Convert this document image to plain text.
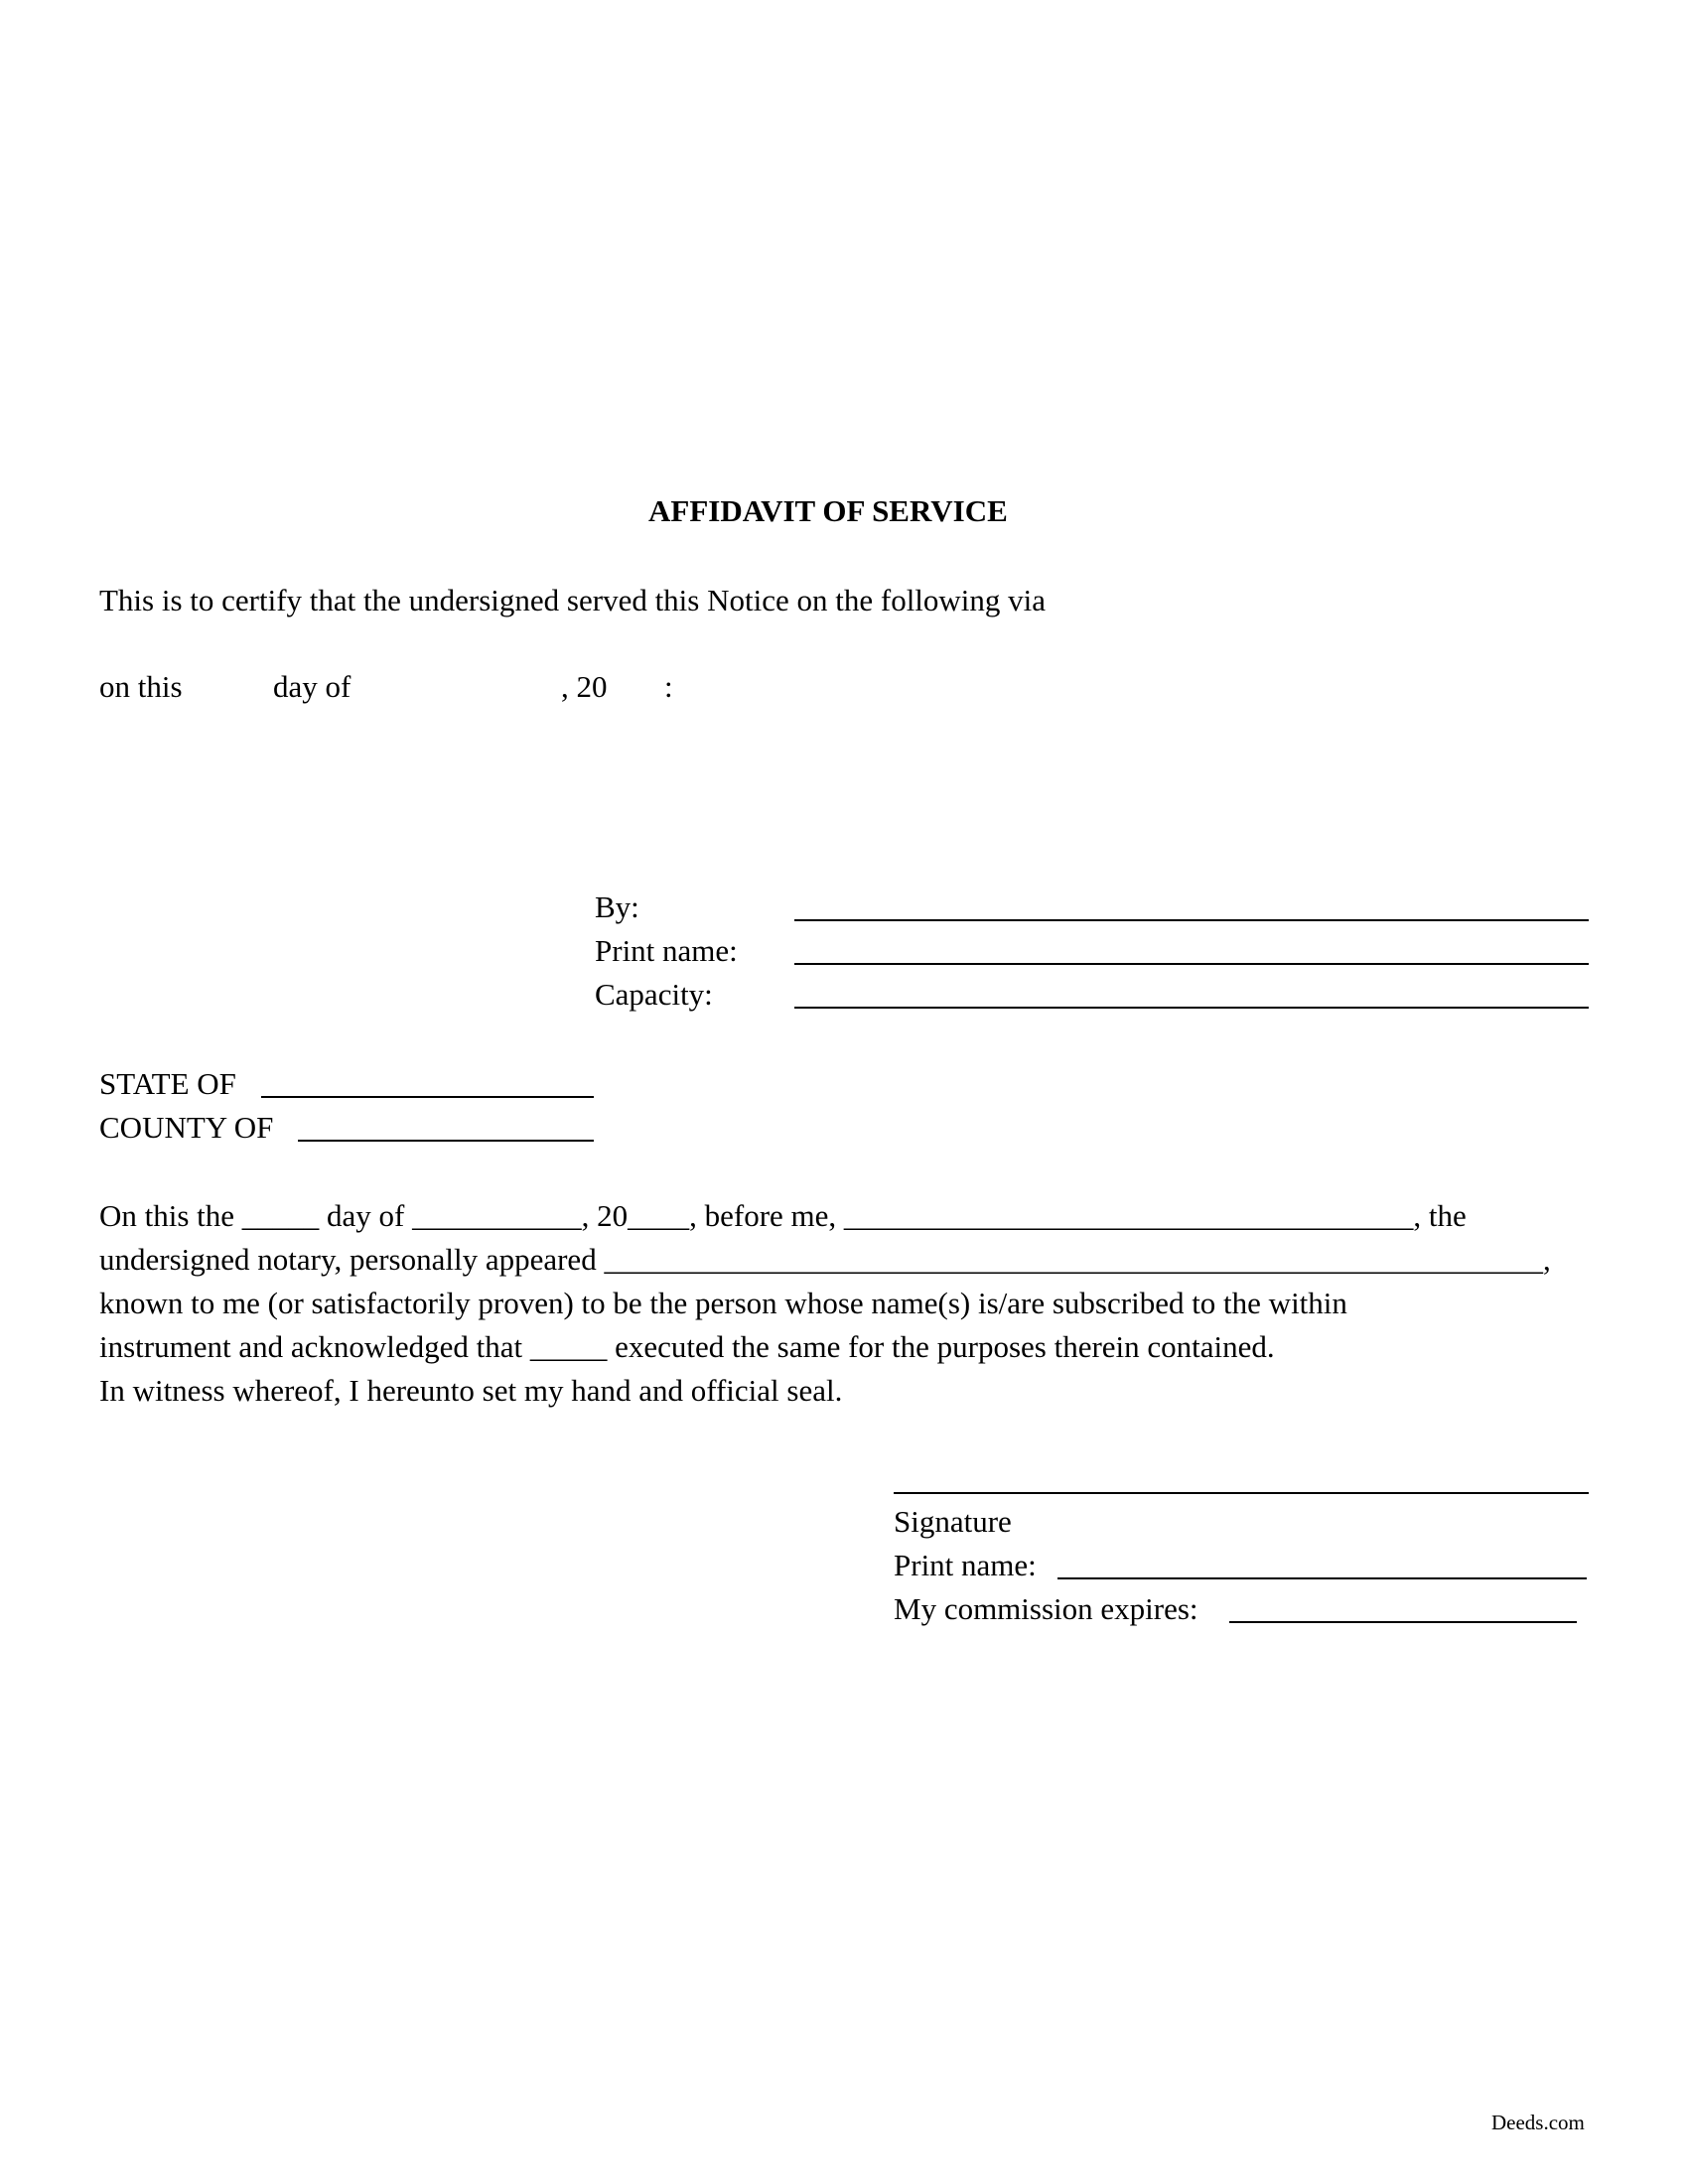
AFFIDAVIT OF SERVICE
This is to certify that the undersigned served this Notice on the following via
on this	day of	, 20 :
By:
Print name:
Capacity:
STATE OF
COUNTY OF
On this the _____ day of ___________, 20____, before me, _____________________________________, the
undersigned notary, personally appeared _____________________________________________________________,
known to me (or satisfactorily proven) to be the person whose name(s) is/are subscribed to the within
instrument and acknowledged that _____ executed the same for the purposes therein contained.
In witness whereof, I hereunto set my hand and official seal.
Signature
Print name:
My commission expires:
Deeds.com
